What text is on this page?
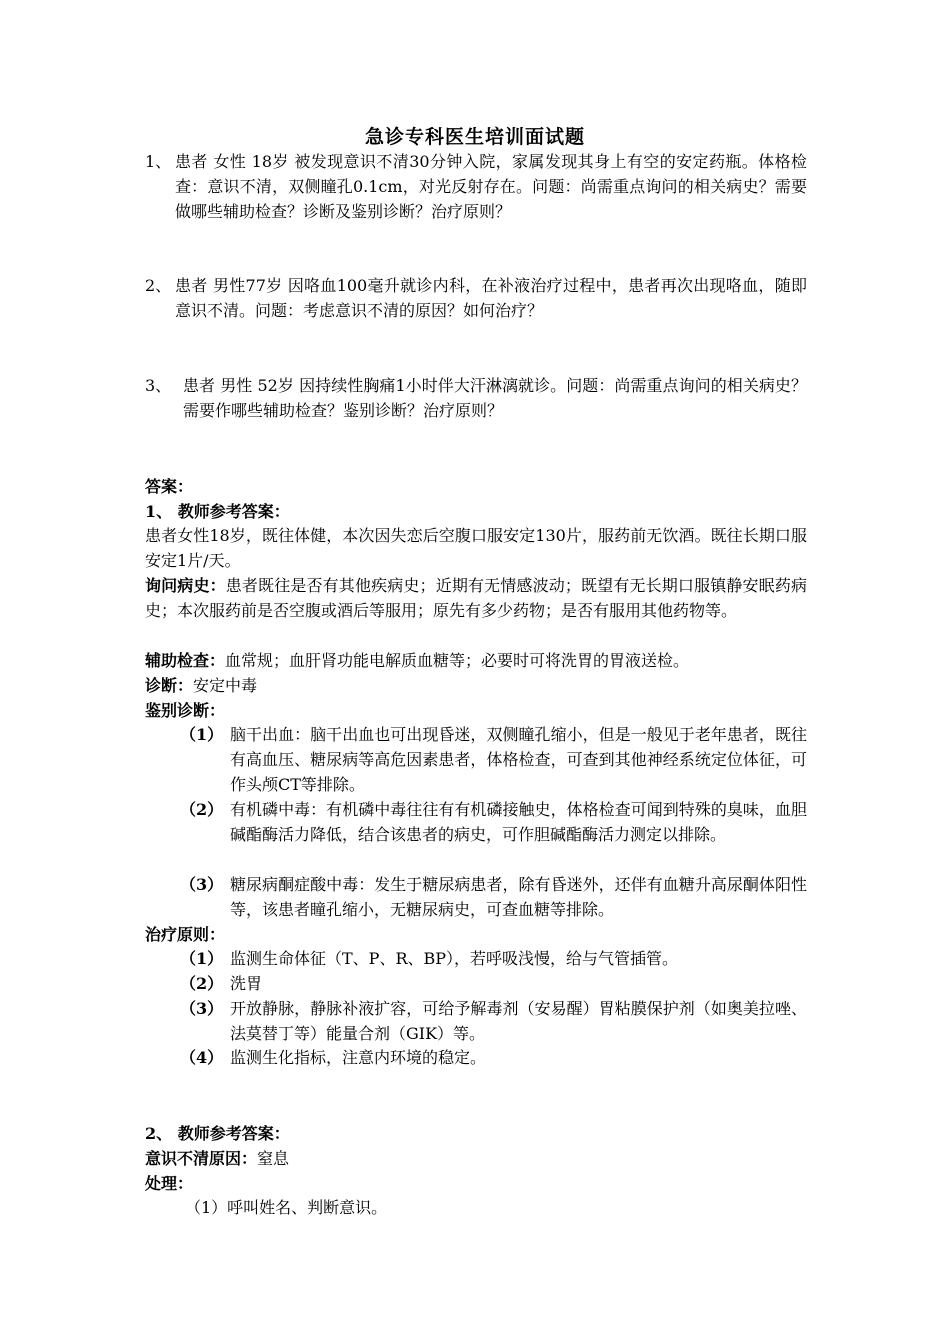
急诊专科医生培训面试题
1、 患者 女性 18岁 被发现意识不清30分钟入院，家属发现其身上有空的安定药瓶。体格检查：意识不清，双侧瞳孔0.1cm，对光反射存在。问题：尚需重点询问的相关病史？需要做哪些辅助检查？诊断及鉴别诊断？治疗原则？
2、 患者 男性77岁 因咯血100毫升就诊内科，在补液治疗过程中，患者再次出现咯血，随即意识不清。问题：考虑意识不清的原因？如何治疗？
3、 患者 男性 52岁 因持续性胸痛1小时伴大汗淋漓就诊。问题：尚需重点询问的相关病史？需要作哪些辅助检查？鉴别诊断？治疗原则？
答案：
1、 教师参考答案：
患者女性18岁，既往体健，本次因失恋后空腹口服安定130片，服药前无饮酒。既往长期口服安定1片/天。
询问病史：患者既往是否有其他疾病史；近期有无情感波动；既望有无长期口服镇静安眠药病史；本次服药前是否空腹或酒后等服用；原先有多少药物；是否有服用其他药物等。
辅助检查：血常规；血肝肾功能电解质血糖等；必要时可将洗胃的胃液送检。
诊断：安定中毒
鉴别诊断：
（1） 脑干出血：脑干出血也可出现昏迷，双侧瞳孔缩小，但是一般见于老年患者，既往有高血压、糖尿病等高危因素患者，体格检查，可查到其他神经系统定位体征，可作头颅CT等排除。
（2） 有机磷中毒：有机磷中毒往往有有机磷接触史，体格检查可闻到特殊的臭味，血胆碱酯酶活力降低，结合该患者的病史，可作胆碱酯酶活力测定以排除。
（3） 糖尿病酮症酸中毒：发生于糖尿病患者，除有昏迷外，还伴有血糖升高尿酮体阳性等，该患者瞳孔缩小，无糖尿病史，可查血糖等排除。
治疗原则：
（1） 监测生命体征（T、P、R、BP），若呼吸浅慢，给与气管插管。
（2） 洗胃
（3） 开放静脉，静脉补液扩容，可给予解毒剂（安易醒）胃粘膜保护剂（如奥美拉唑、法莫替丁等）能量合剂（GIK）等。
（4） 监测生化指标，注意内环境的稳定。
2、 教师参考答案：
意识不清原因：窒息
处理：
（1）呼叫姓名、判断意识。
